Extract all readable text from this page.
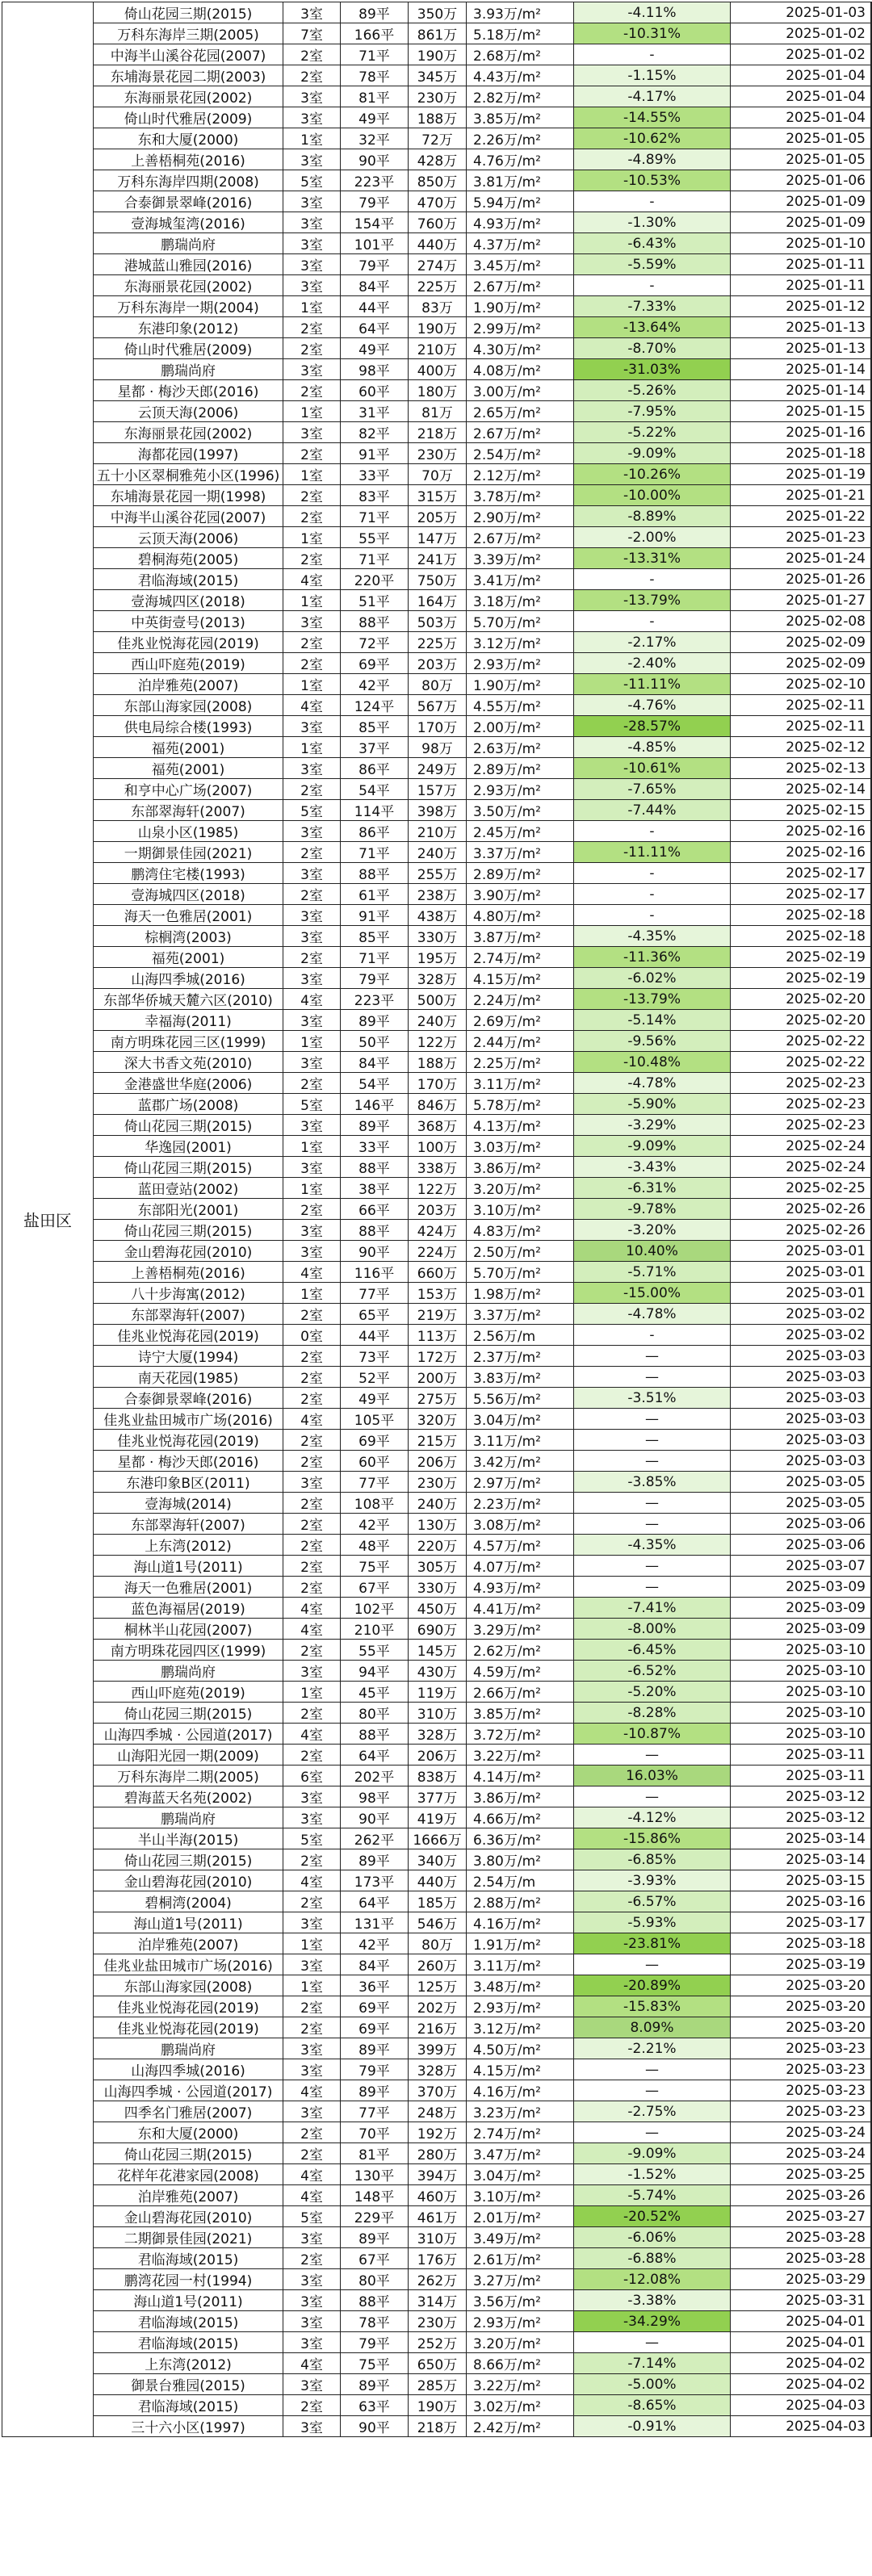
盐田区	倚山花园三期(2015)	3室	89平	350万	3.93万/m²	-4.11%	2025-01-03	
	万科东海岸三期(2005)	7室	166平	861万	5.18万/m²	-10.31%	2025-01-02	
	中海半山溪谷花园(2007)	2室	71平	190万	2.68万/m²	-	2025-01-02	
	东埔海景花园二期(2003)	2室	78平	345万	4.43万/m²	-1.15%	2025-01-04	
	东海丽景花园(2002)	3室	81平	230万	2.82万/m²	-4.17%	2025-01-04	
	倚山时代雅居(2009)	3室	49平	188万	3.85万/m²	-14.55%	2025-01-04	
	东和大厦(2000)	1室	32平	72万	2.26万/m²	-10.62%	2025-01-05	
	上善梧桐苑(2016)	3室	90平	428万	4.76万/m²	-4.89%	2025-01-05	
	万科东海岸四期(2008)	5室	223平	850万	3.81万/m²	-10.53%	2025-01-06	
	合泰御景翠峰(2016)	3室	79平	470万	5.94万/m²	-	2025-01-09	
	壹海城玺湾(2016)	3室	154平	760万	4.93万/m²	-1.30%	2025-01-09	
	鹏瑞尚府	3室	101平	440万	4.37万/m²	-6.43%	2025-01-10	
	港城蓝山雅园(2016)	3室	79平	274万	3.45万/m²	-5.59%	2025-01-11	
	东海丽景花园(2002)	3室	84平	225万	2.67万/m²	-	2025-01-11	
	万科东海岸一期(2004)	1室	44平	83万	1.90万/m²	-7.33%	2025-01-12	
	东港印象(2012)	2室	64平	190万	2.99万/m²	-13.64%	2025-01-13	
	倚山时代雅居(2009)	2室	49平	210万	4.30万/m²	-8.70%	2025-01-13	
	鹏瑞尚府	3室	98平	400万	4.08万/m²	-31.03%	2025-01-14	
	星都 · 梅沙天郎(2016)	2室	60平	180万	3.00万/m²	-5.26%	2025-01-14	
	云顶天海(2006)	1室	31平	81万	2.65万/m²	-7.95%	2025-01-15	
	东海丽景花园(2002)	3室	82平	218万	2.67万/m²	-5.22%	2025-01-16	
	海都花园(1997)	2室	91平	230万	2.54万/m²	-9.09%	2025-01-18	
	五十小区翠桐雅苑小区(1996)	1室	33平	70万	2.12万/m²	-10.26%	2025-01-19	
	东埔海景花园一期(1998)	2室	83平	315万	3.78万/m²	-10.00%	2025-01-21	
	中海半山溪谷花园(2007)	2室	71平	205万	2.90万/m²	-8.89%	2025-01-22	
	云顶天海(2006)	1室	55平	147万	2.67万/m²	-2.00%	2025-01-23	
	碧桐海苑(2005)	2室	71平	241万	3.39万/m²	-13.31%	2025-01-24	
	君临海域(2015)	4室	220平	750万	3.41万/m²	-	2025-01-26	
	壹海城四区(2018)	1室	51平	164万	3.18万/m²	-13.79%	2025-01-27	
	中英街壹号(2013)	3室	88平	503万	5.70万/m²	-	2025-02-08	
	佳兆业悦海花园(2019)	2室	72平	225万	3.12万/m²	-2.17%	2025-02-09	
	西山吓庭苑(2019)	2室	69平	203万	2.93万/m²	-2.40%	2025-02-09	
	泊岸雅苑(2007)	1室	42平	80万	1.90万/m²	-11.11%	2025-02-10	
	东部山海家园(2008)	4室	124平	567万	4.55万/m²	-4.76%	2025-02-11	
	供电局综合楼(1993)	3室	85平	170万	2.00万/m²	-28.57%	2025-02-11	
	福苑(2001)	1室	37平	98万	2.63万/m²	-4.85%	2025-02-12	
	福苑(2001)	3室	86平	249万	2.89万/m²	-10.61%	2025-02-13	
	和亨中心广场(2007)	2室	54平	157万	2.93万/m²	-7.65%	2025-02-14	
	东部翠海轩(2007)	5室	114平	398万	3.50万/m²	-7.44%	2025-02-15	
	山泉小区(1985)	3室	86平	210万	2.45万/m²	-	2025-02-16	
	一期御景佳园(2021)	2室	71平	240万	3.37万/m²	-11.11%	2025-02-16	
	鹏湾住宅楼(1993)	3室	88平	255万	2.89万/m²	-	2025-02-17	
	壹海城四区(2018)	2室	61平	238万	3.90万/m²	-	2025-02-17	
	海天一色雅居(2001)	3室	91平	438万	4.80万/m²	-	2025-02-18	
	棕榈湾(2003)	3室	85平	330万	3.87万/m²	-4.35%	2025-02-18	
	福苑(2001)	2室	71平	195万	2.74万/m²	-11.36%	2025-02-19	
	山海四季城(2016)	3室	79平	328万	4.15万/m²	-6.02%	2025-02-19	
	东部华侨城天麓六区(2010)	4室	223平	500万	2.24万/m²	-13.79%	2025-02-20	
	幸福海(2011)	3室	89平	240万	2.69万/m²	-5.14%	2025-02-20	
	南方明珠花园三区(1999)	1室	50平	122万	2.44万/m²	-9.56%	2025-02-22	
	深大书香文苑(2010)	3室	84平	188万	2.25万/m²	-10.48%	2025-02-22	
	金港盛世华庭(2006)	2室	54平	170万	3.11万/m²	-4.78%	2025-02-23	
	蓝郡广场(2008)	5室	146平	846万	5.78万/m²	-5.90%	2025-02-23	
	倚山花园三期(2015)	3室	89平	368万	4.13万/m²	-3.29%	2025-02-23	
	华逸园(2001)	1室	33平	100万	3.03万/m²	-9.09%	2025-02-24	
	倚山花园三期(2015)	3室	88平	338万	3.86万/m²	-3.43%	2025-02-24	
	蓝田壹站(2002)	1室	38平	122万	3.20万/m²	-6.31%	2025-02-25	
	东部阳光(2001)	2室	66平	203万	3.10万/m²	-9.78%	2025-02-26	
	倚山花园三期(2015)	3室	88平	424万	4.83万/m²	-3.20%	2025-02-26	
	金山碧海花园(2010)	3室	90平	224万	2.50万/m²	10.40%	2025-03-01	
	上善梧桐苑(2016)	4室	116平	660万	5.70万/m²	-5.71%	2025-03-01	
	八十步海寓(2012)	1室	77平	153万	1.98万/m²	-15.00%	2025-03-01	
	东部翠海轩(2007)	2室	65平	219万	3.37万/m²	-4.78%	2025-03-02	
	佳兆业悦海花园(2019)	0室	44平	113万	2.56万/m	-	2025-03-02	
	诗宁大厦(1994)	2室	73平	172万	2.37万/m²	—	2025-03-03	
	南天花园(1985)	2室	52平	200万	3.83万/m²	—	2025-03-03	
	合泰御景翠峰(2016)	2室	49平	275万	5.56万/m²	-3.51%	2025-03-03	
	佳兆业盐田城市广场(2016)	4室	105平	320万	3.04万/m²	—	2025-03-03	
	佳兆业悦海花园(2019)	2室	69平	215万	3.11万/m²	—	2025-03-03	
	星都 · 梅沙天郎(2016)	2室	60平	206万	3.42万/m²	—	2025-03-03	
	东港印象B区(2011)	3室	77平	230万	2.97万/m²	-3.85%	2025-03-05	
	壹海城(2014)	2室	108平	240万	2.23万/m²	—	2025-03-05	
	东部翠海轩(2007)	2室	42平	130万	3.08万/m²	—	2025-03-06	
	上东湾(2012)	2室	48平	220万	4.57万/m²	-4.35%	2025-03-06	
	海山道1号(2011)	2室	75平	305万	4.07万/m²	—	2025-03-07	
	海天一色雅居(2001)	2室	67平	330万	4.93万/m²	—	2025-03-09	
	蓝色海福居(2019)	4室	102平	450万	4.41万/m²	-7.41%	2025-03-09	
	桐林半山花园(2007)	4室	210平	690万	3.29万/m²	-8.00%	2025-03-09	
	南方明珠花园四区(1999)	2室	55平	145万	2.62万/m²	-6.45%	2025-03-10	
	鹏瑞尚府	3室	94平	430万	4.59万/m²	-6.52%	2025-03-10	
	西山吓庭苑(2019)	1室	45平	119万	2.66万/m²	-5.20%	2025-03-10	
	倚山花园三期(2015)	2室	80平	310万	3.85万/m²	-8.28%	2025-03-10	
	山海四季城 · 公园道(2017)	4室	88平	328万	3.72万/m²	-10.87%	2025-03-10	
	山海阳光园一期(2009)	2室	64平	206万	3.22万/m²	—	2025-03-11	
	万科东海岸二期(2005)	6室	202平	838万	4.14万/m²	16.03%	2025-03-11	
	碧海蓝天名苑(2002)	3室	98平	377万	3.86万/m²	—	2025-03-12	
	鹏瑞尚府	3室	90平	419万	4.66万/m²	-4.12%	2025-03-12	
	半山半海(2015)	5室	262平	1666万	6.36万/m²	-15.86%	2025-03-14	
	倚山花园三期(2015)	2室	89平	340万	3.80万/m²	-6.85%	2025-03-14	
	金山碧海花园(2010)	4室	173平	440万	2.54万/m	-3.93%	2025-03-15	
	碧桐湾(2004)	2室	64平	185万	2.88万/m²	-6.57%	2025-03-16	
	海山道1号(2011)	3室	131平	546万	4.16万/m²	-5.93%	2025-03-17	
	泊岸雅苑(2007)	1室	42平	80万	1.91万/m²	-23.81%	2025-03-18	
	佳兆业盐田城市广场(2016)	3室	84平	260万	3.11万/m²	—	2025-03-19	
	东部山海家园(2008)	1室	36平	125万	3.48万/m²	-20.89%	2025-03-20	
	佳兆业悦海花园(2019)	2室	69平	202万	2.93万/m²	-15.83%	2025-03-20	
	佳兆业悦海花园(2019)	2室	69平	216万	3.12万/m²	8.09%	2025-03-20	
	鹏瑞尚府	3室	89平	399万	4.50万/m²	-2.21%	2025-03-23	
	山海四季城(2016)	3室	79平	328万	4.15万/m²	—	2025-03-23	
	山海四季城 · 公园道(2017)	4室	89平	370万	4.16万/m²	—	2025-03-23	
	四季名门雅居(2007)	3室	77平	248万	3.23万/m²	-2.75%	2025-03-23	
	东和大厦(2000)	2室	70平	192万	2.74万/m²	—	2025-03-24	
	倚山花园三期(2015)	2室	81平	280万	3.47万/m²	-9.09%	2025-03-24	
	花样年花港家园(2008)	4室	130平	394万	3.04万/m²	-1.52%	2025-03-25	
	泊岸雅苑(2007)	4室	148平	460万	3.10万/m²	-5.74%	2025-03-26	
	金山碧海花园(2010)	5室	229平	461万	2.01万/m²	-20.52%	2025-03-27	
	二期御景佳园(2021)	3室	89平	310万	3.49万/m²	-6.06%	2025-03-28	
	君临海域(2015)	2室	67平	176万	2.61万/m²	-6.88%	2025-03-28	
	鹏湾花园一村(1994)	3室	80平	262万	3.27万/m²	-12.08%	2025-03-29	
	海山道1号(2011)	3室	88平	314万	3.56万/m²	-3.38%	2025-03-31	
	君临海域(2015)	3室	78平	230万	2.93万/m²	-34.29%	2025-04-01	
	君临海域(2015)	3室	79平	252万	3.20万/m²	—	2025-04-01	
	上东湾(2012)	4室	75平	650万	8.66万/m²	-7.14%	2025-04-02	
	御景台雅园(2015)	3室	89平	285万	3.22万/m²	-5.00%	2025-04-02	
	君临海域(2015)	2室	63平	190万	3.02万/m²	-8.65%	2025-04-03	
	三十六小区(1997)	3室	90平	218万	2.42万/m²	-0.91%	2025-04-03	
